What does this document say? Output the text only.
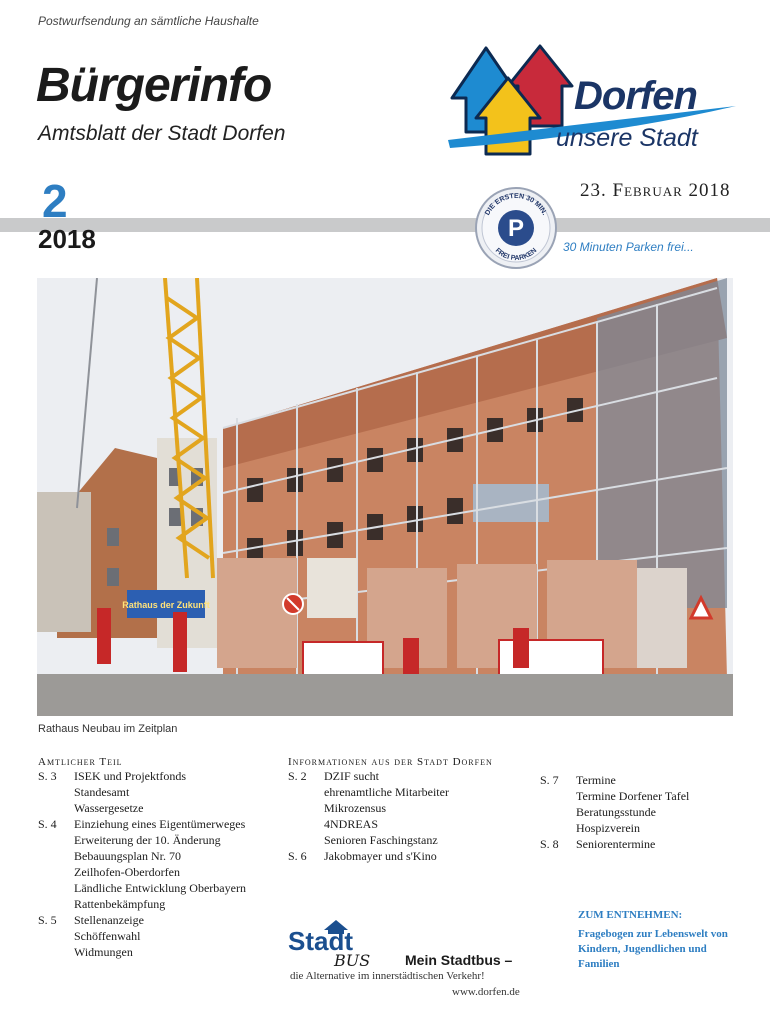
Postwurfsendung an sämtliche Haushalte
Bürgerinfo
Amtsblatt der Stadt Dorfen
2
2018
23. Februar 2018
P
DIE ERSTEN 30 MIN.
FREI PARKEN 30 Minuten Parken frei...
Dorfen
unsere Stadt
Rathaus der Zukunft
Rathaus Neubau im Zeitplan
Amtlicher Teil
S. 3 ISEK und Projektfonds
Standesamt
Wassergesetze
S. 4 Einziehung eines Eigentümerweges
Erweiterung der 10. Änderung
Bebauungsplan Nr. 70
Zeilhofen-Oberdorfen
Ländliche Entwicklung Oberbayern
Rattenbekämpfung
S. 5 Stellenanzeige
Schöffenwahl
Widmungen
Informationen aus der Stadt Dorfen
S. 2 DZIF sucht
ehrenamtliche Mitarbeiter
Mikrozensus
4NDREAS
Senioren Faschingstanz
S. 6 Jakobmayer und s'Kino
S. 7 Termine
Termine Dorfener Tafel
Beratungsstunde
Hospizverein
S. 8 Seniorentermine
ZUM ENTNEHMEN:
Fragebogen zur Lebenswelt von Kindern, Jugendlichen und Familien
Stadt
BUS Mein Stadtbus –
die Alternative im innerstädtischen Verkehr!
www.dorfen.de
